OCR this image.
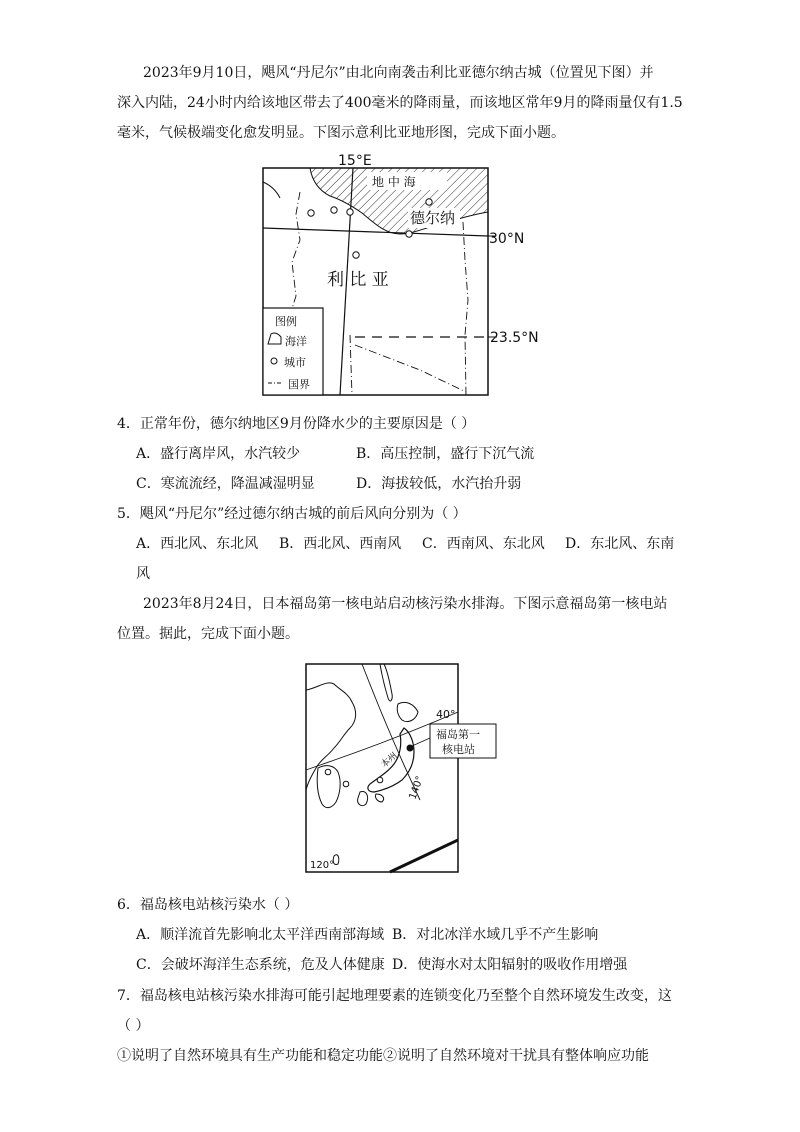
2023年9月10日，飓风“丹尼尔”由北向南袭击利比亚德尔纳古城（位置见下图）并
深入内陆，24小时内给该地区带去了400毫米的降雨量，而该地区常年9月的降雨量仅有1.5
毫米，气候极端变化愈发明显。下图示意利比亚地形图，完成下面小题。
15°E
地 中 海
德尔纳
30°N
利 比 亚
23.5°N
图例
海洋
城市
国界
4．正常年份，德尔纳地区9月份降水少的主要原因是（ ）
A．盛行离岸风，水汽较少	B．高压控制，盛行下沉气流
C．寒流流经，降温减湿明显	D．海拔较低，水汽抬升弱
5．飓风“丹尼尔”经过德尔纳古城的前后风向分别为（ ）
A．西北风、东北风 B．西北风、西南风 C．西南风、东北风 D．东北风、东南
风
2023年8月24日，日本福岛第一核电站启动核污染水排海。下图示意福岛第一核电站
位置。据此，完成下面小题。
福岛第一
核电站
40°
140°
120°
本州
北回归线
6．福岛核电站核污染水（ ）
A．顺洋流首先影响北太平洋西南部海域 B．对北冰洋水域几乎不产生影响
C．会破坏海洋生态系统，危及人体健康 D．使海水对太阳辐射的吸收作用增强
7．福岛核电站核污染水排海可能引起地理要素的连锁变化乃至整个自然环境发生改变，这
（ ）
①说明了自然环境具有生产功能和稳定功能②说明了自然环境对干扰具有整体响应功能
